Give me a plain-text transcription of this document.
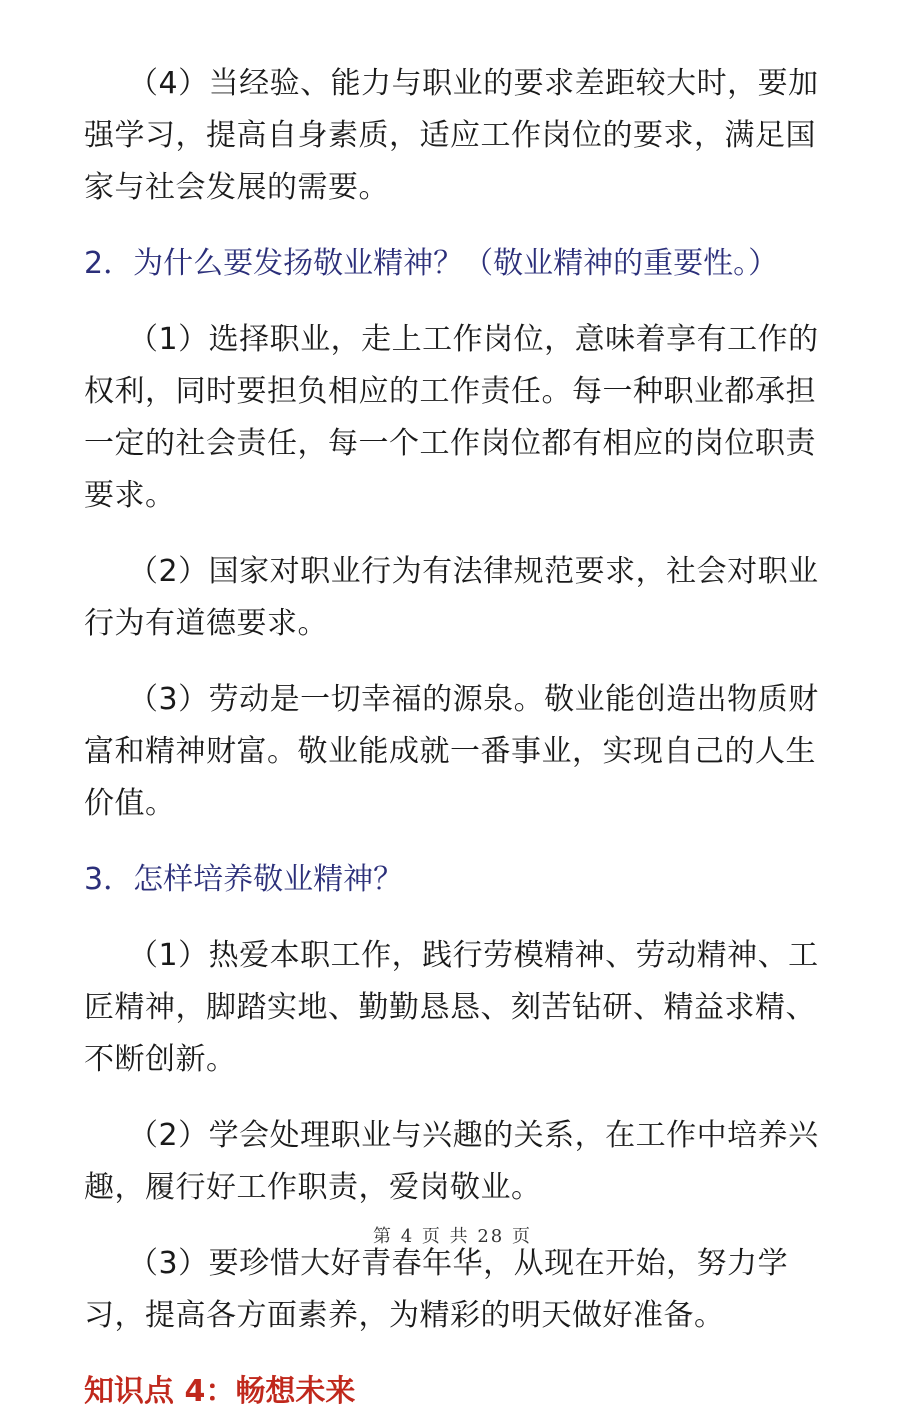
（4）当经验、能力与职业的要求差距较大时，要加强学习，提高自身素质，适应工作岗位的要求，满足国家与社会发展的需要。

2．为什么要发扬敬业精神？（敬业精神的重要性。）

（1）选择职业，走上工作岗位，意味着享有工作的权利，同时要担负相应的工作责任。每一种职业都承担一定的社会责任，每一个工作岗位都有相应的岗位职责要求。

（2）国家对职业行为有法律规范要求，社会对职业行为有道德要求。

（3）劳动是一切幸福的源泉。敬业能创造出物质财富和精神财富。敬业能成就一番事业，实现自己的人生价值。

3．怎样培养敬业精神？

（1）热爱本职工作，践行劳模精神、劳动精神、工匠精神，脚踏实地、勤勤恳恳、刻苦钻研、精益求精、不断创新。

（2）学会处理职业与兴趣的关系，在工作中培养兴趣，履行好工作职责，爱岗敬业。

（3）要珍惜大好青春年华，从现在开始，努力学习，提高各方面素养，为精彩的明天做好准备。

知识点 4：畅想未来

第 4 页 共 28 页
